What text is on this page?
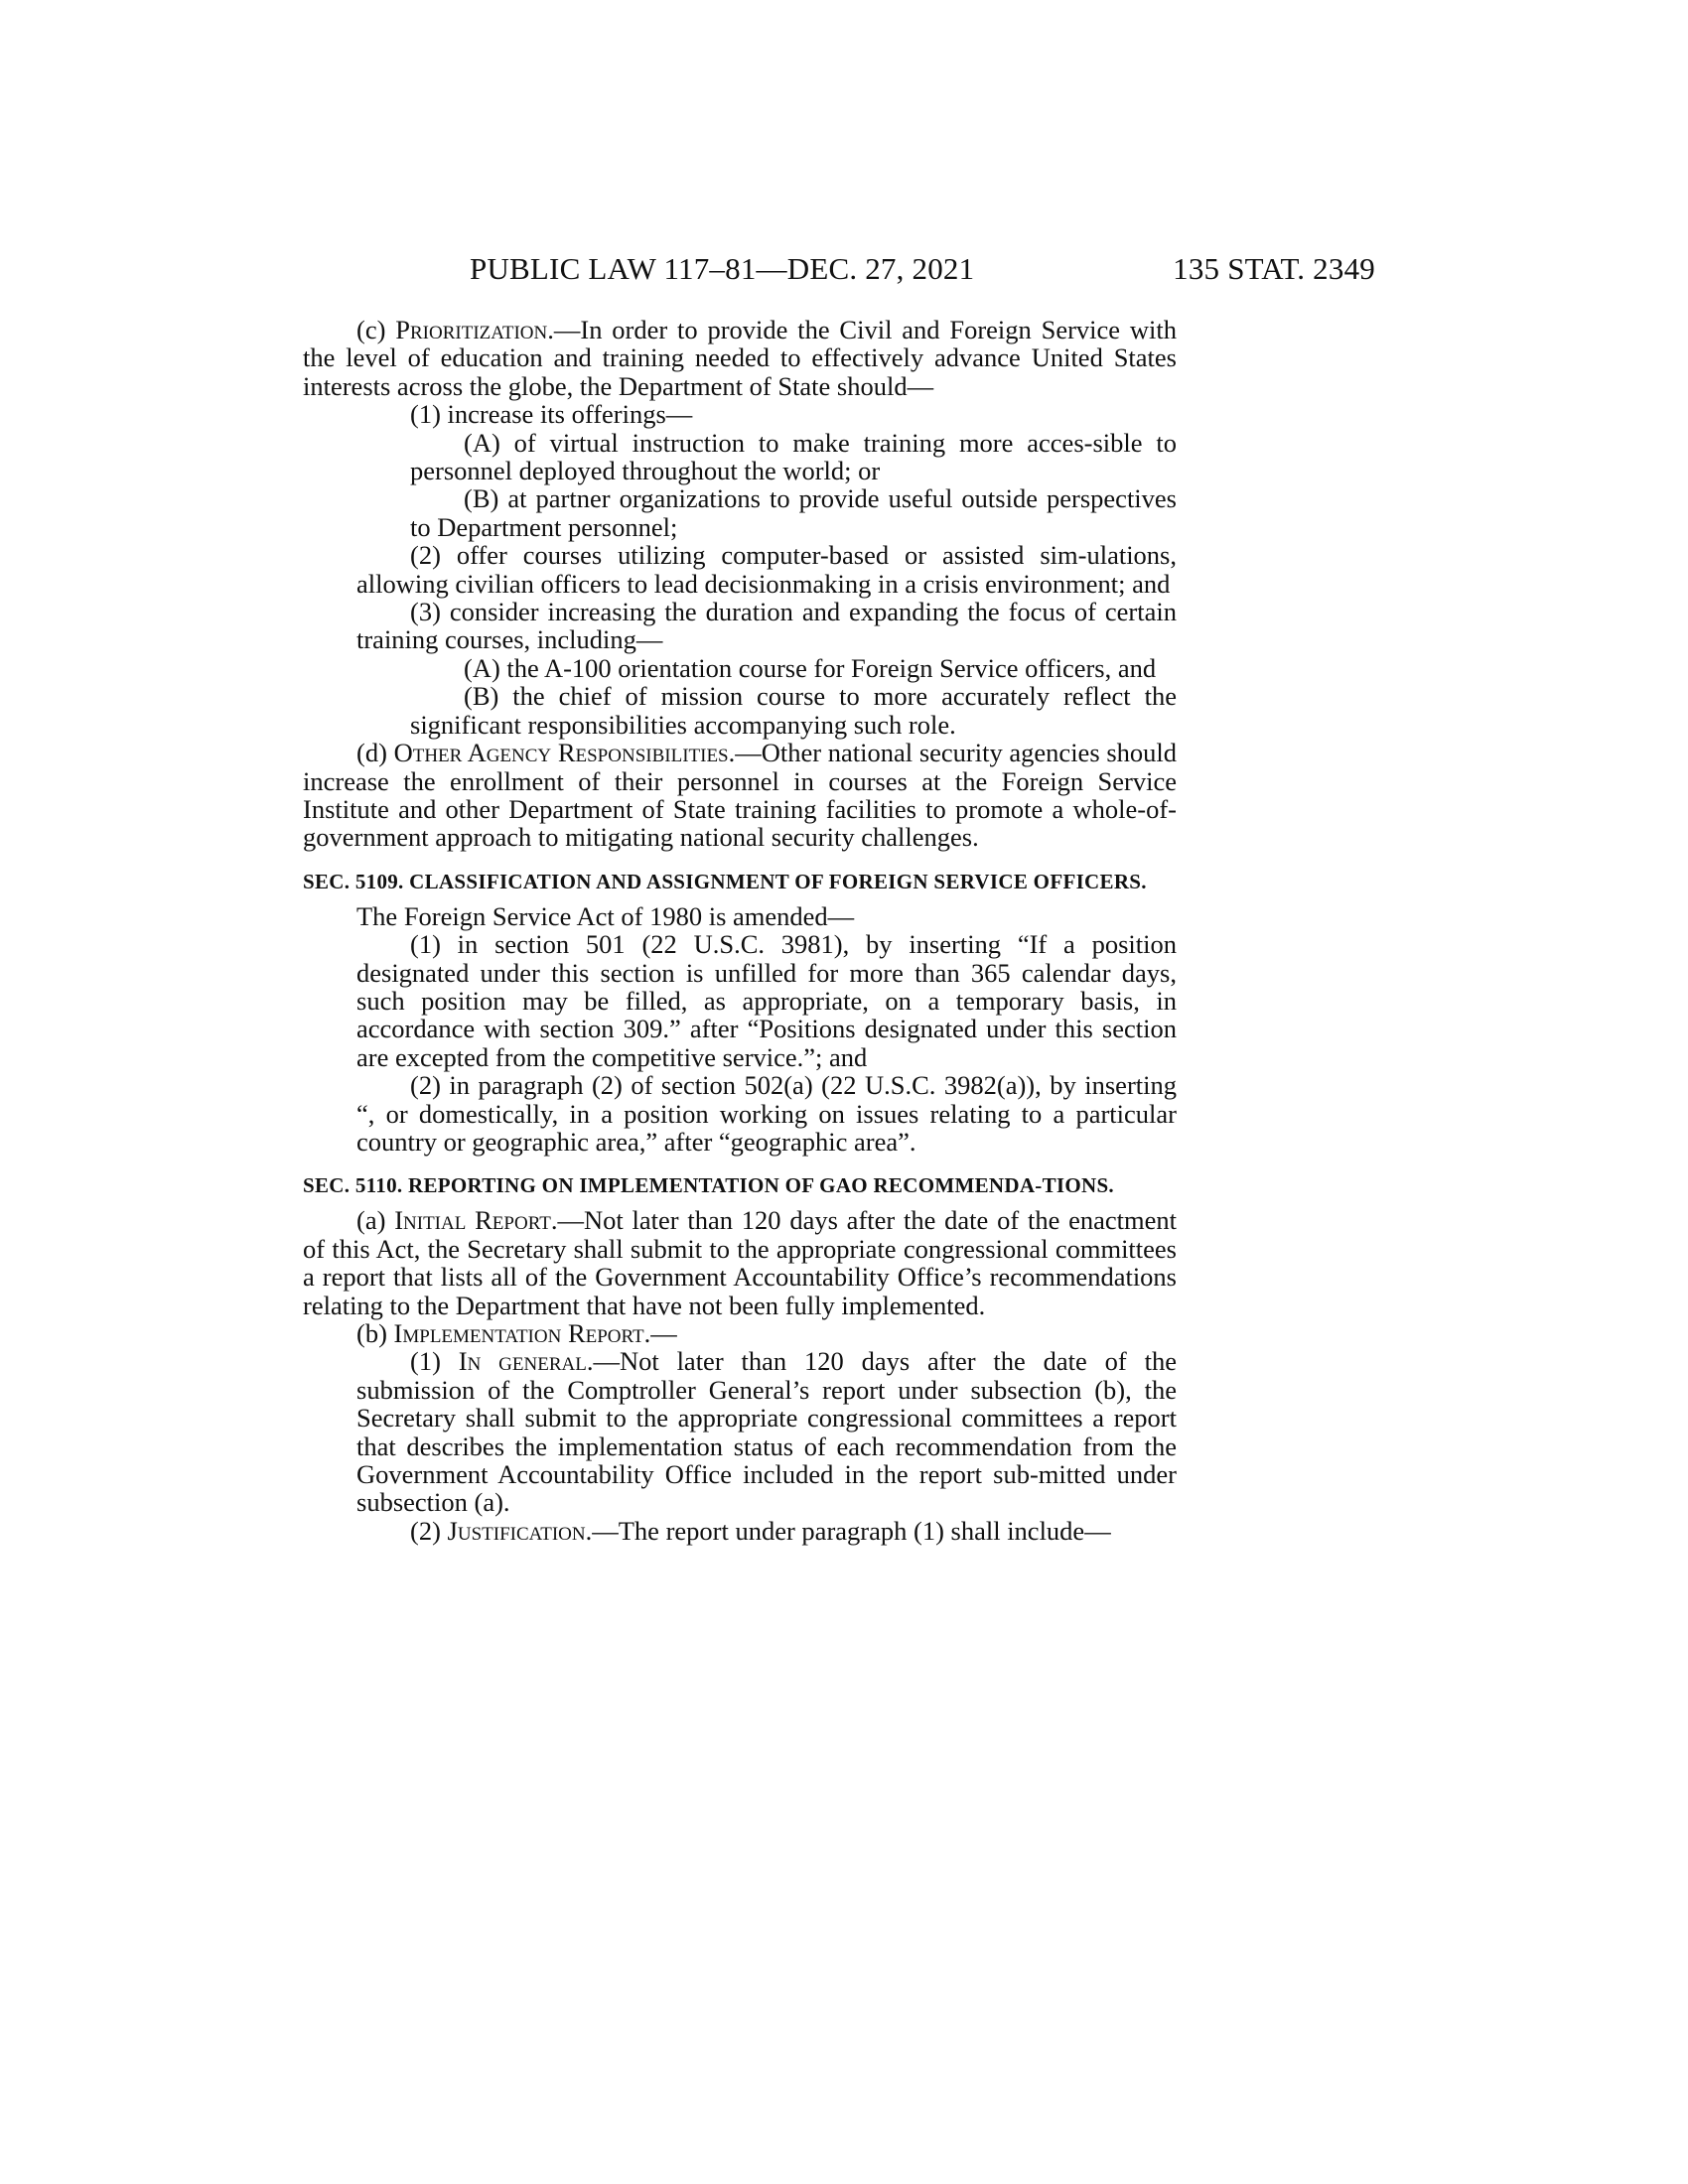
PUBLIC LAW 117–81—DEC. 27, 2021	135 STAT. 2349

(c) Prioritization.—In order to provide the Civil and Foreign Service with the level of education and training needed to effectively advance United States interests across the globe, the Department of State should—

(1) increase its offerings—

(A) of virtual instruction to make training more acces-sible to personnel deployed throughout the world; or

(B) at partner organizations to provide useful outside perspectives to Department personnel;

(2) offer courses utilizing computer-based or assisted sim-ulations, allowing civilian officers to lead decisionmaking in a crisis environment; and

(3) consider increasing the duration and expanding the focus of certain training courses, including—

(A) the A-100 orientation course for Foreign Service officers, and

(B) the chief of mission course to more accurately reflect the significant responsibilities accompanying such role.

(d) Other Agency Responsibilities.—Other national security agencies should increase the enrollment of their personnel in courses at the Foreign Service Institute and other Department of State training facilities to promote a whole-of-government approach to mitigating national security challenges.

SEC. 5109. CLASSIFICATION AND ASSIGNMENT OF FOREIGN SERVICE OFFICERS.

The Foreign Service Act of 1980 is amended—

(1) in section 501 (22 U.S.C. 3981), by inserting “If a position designated under this section is unfilled for more than 365 calendar days, such position may be filled, as appropriate, on a temporary basis, in accordance with section 309.” after “Positions designated under this section are excepted from the competitive service.”; and

(2) in paragraph (2) of section 502(a) (22 U.S.C. 3982(a)), by inserting “, or domestically, in a position working on issues relating to a particular country or geographic area,” after “geographic area”.

SEC. 5110. REPORTING ON IMPLEMENTATION OF GAO RECOMMENDA-TIONS.

(a) Initial Report.—Not later than 120 days after the date of the enactment of this Act, the Secretary shall submit to the appropriate congressional committees a report that lists all of the Government Accountability Office’s recommendations relating to the Department that have not been fully implemented.

(b) Implementation Report.—

(1) In general.—Not later than 120 days after the date of the submission of the Comptroller General’s report under subsection (b), the Secretary shall submit to the appropriate congressional committees a report that describes the implementation status of each recommendation from the Government Accountability Office included in the report sub-mitted under subsection (a).

(2) Justification.—The report under paragraph (1) shall include—
